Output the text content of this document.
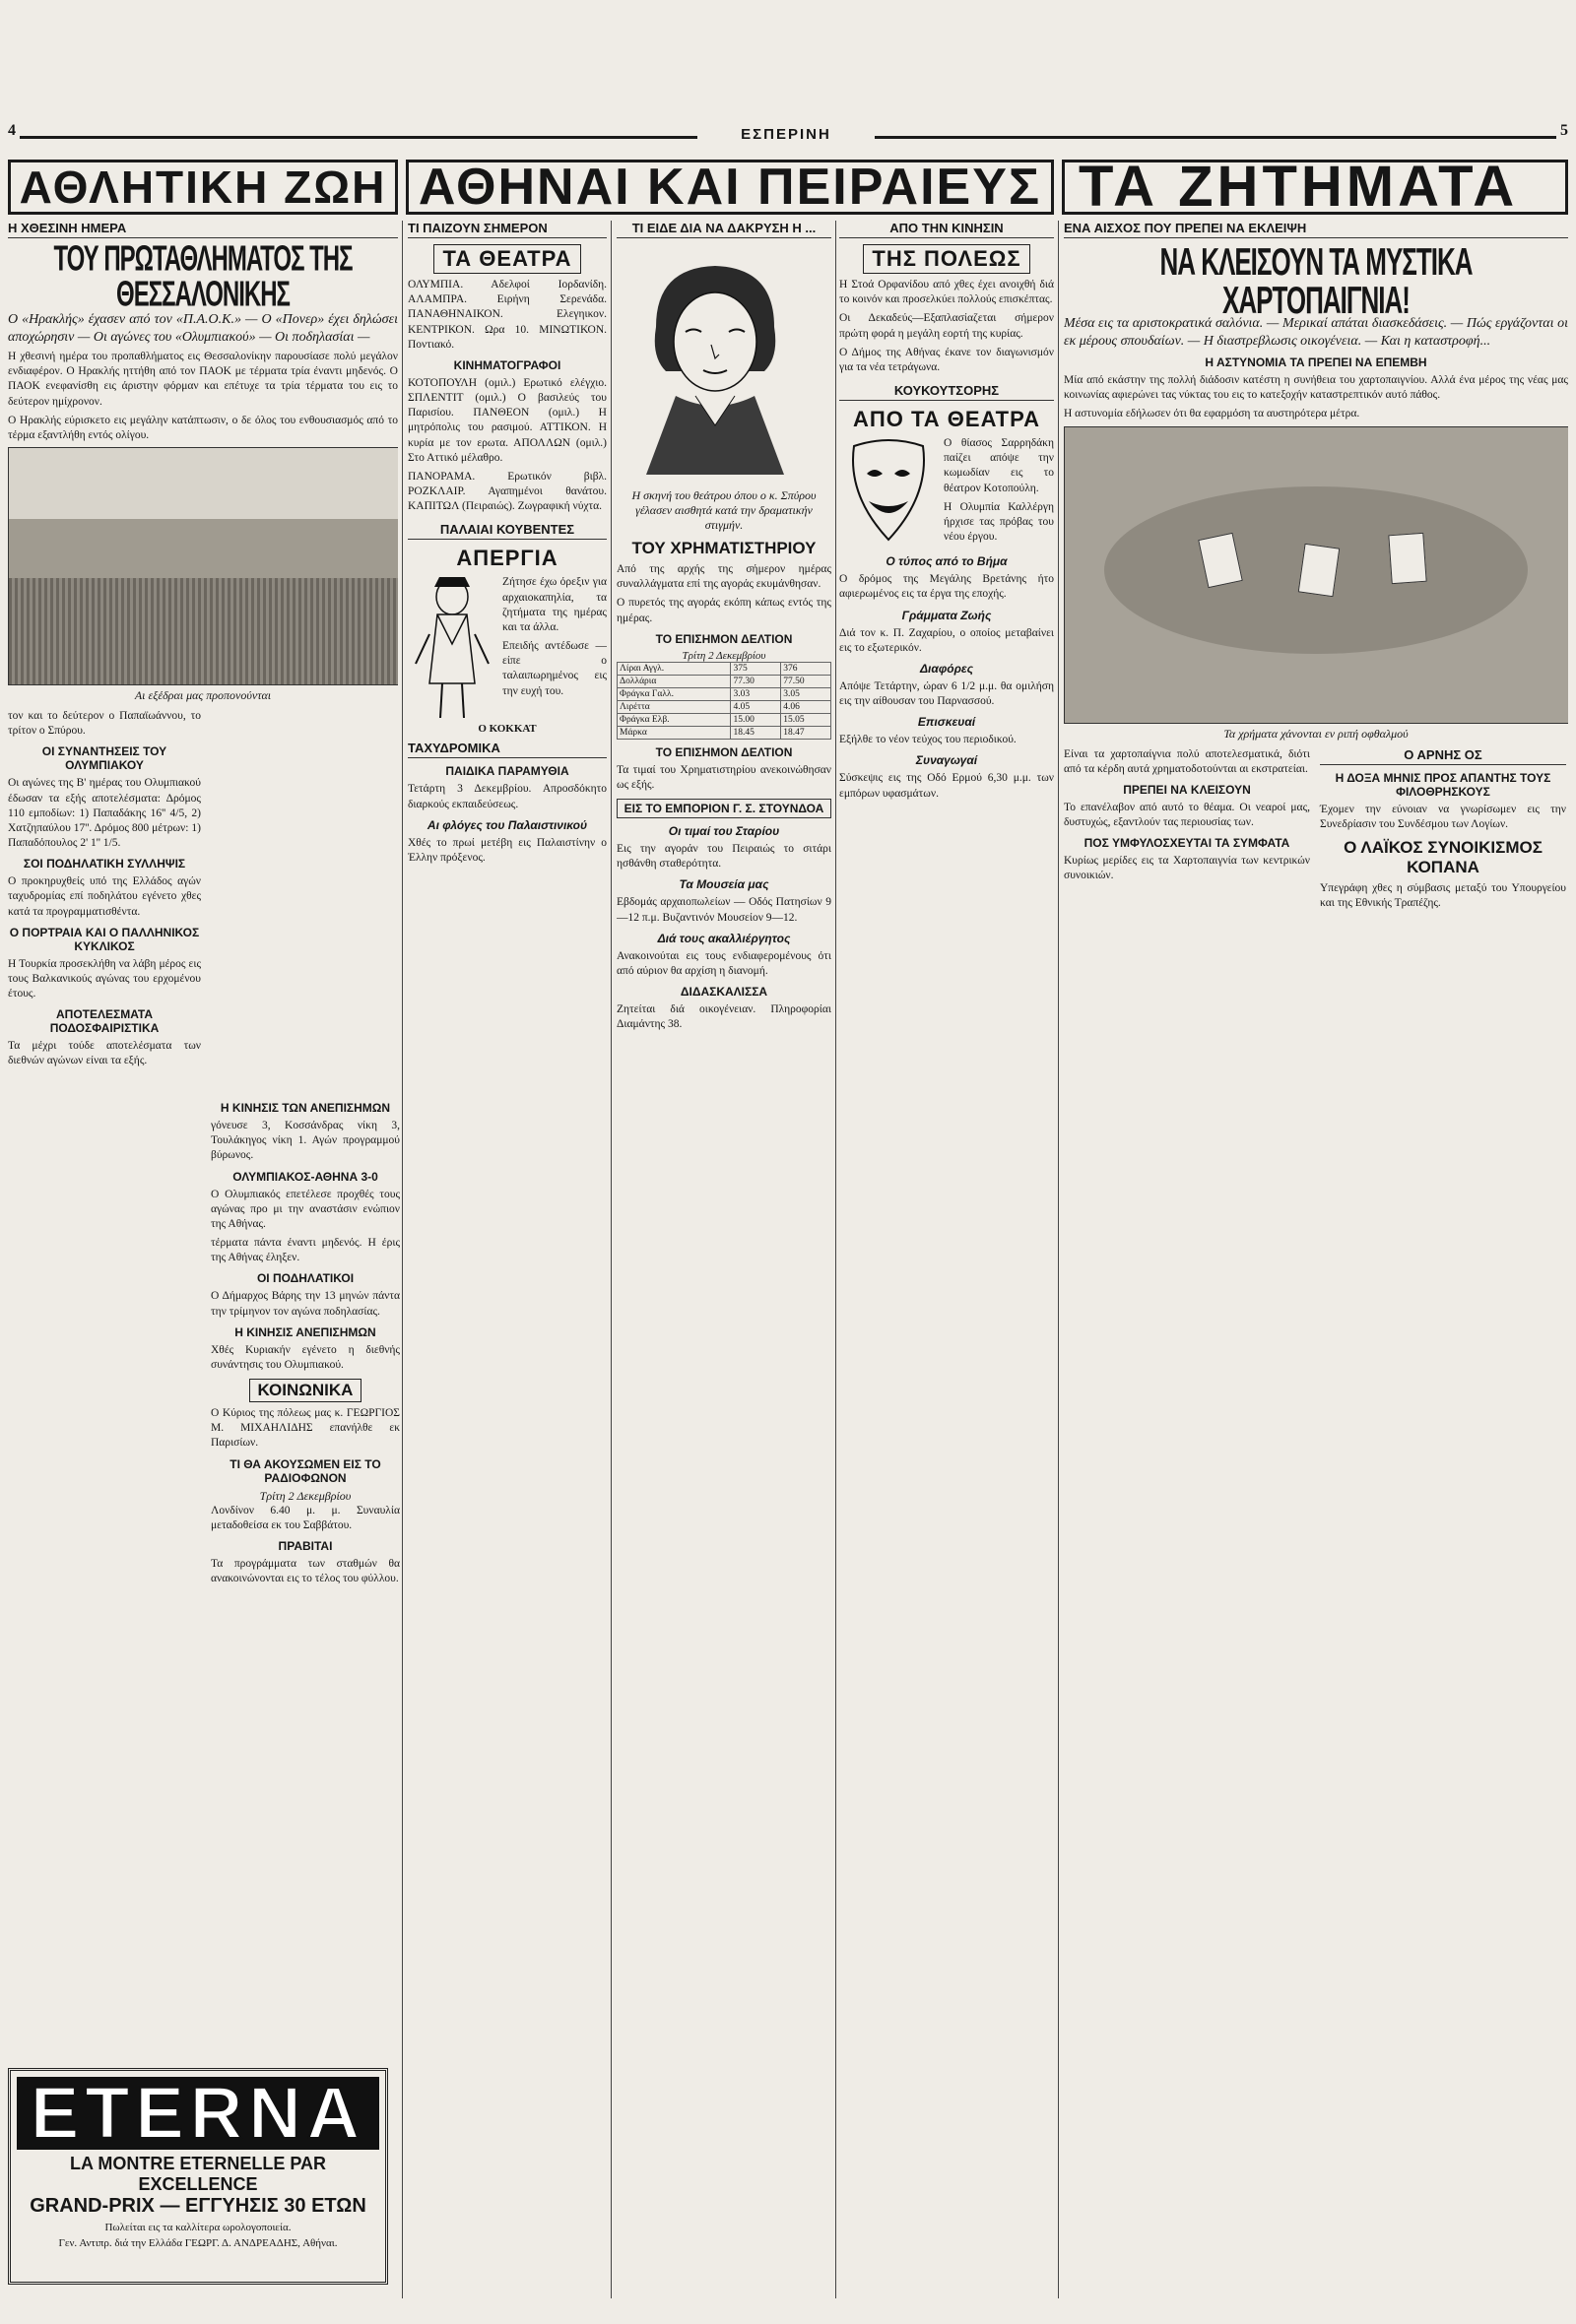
4	ΕΣΠΕΡΙΝΗ	5
ΑΘΛΗΤΙΚΗ ΖΩΗ ΑΘΗΝΑΙ ΚΑΙ ΠΕΙΡΑΙΕΥΣ ΤΑ ΖΗΤΗΜΑΤΑ
Η ΧΘΕΣΙΝΗ ΗΜΕΡΑ
ΤΟΥ ΠΡΩΤΑΘΛΗΜΑΤΟΣ ΤΗΣ ΘΕΣΣΑΛΟΝΙΚΗΣ

Ο «Ηρακλής» έχασεν από τον «Π.Α.Ο.Κ.» — Ο «Πονερ» έχει δηλώσει αποχώρησιν — Οι αγώνες του «Ολυμπιακού» — Οι ποδηλασίαι —

Η χθεσινή ημέρα του προπαθλήματος εις Θεσσαλονίκην παρουσίασε πολύ μεγάλον ενδιαφέρον. Ο Ηρακλής ηττήθη από τον ΠΑΟΚ με τέρματα τρία έναντι μηδενός. Ο ΠΑΟΚ ενεφανίσθη εις άριστην φόρμαν και επέτυχε τα τρία τέρματα του εις το δεύτερον ημίχρονον.

Ο Ηρακλής εύρισκετο εις μεγάλην κατάπτωσιν, ο δε όλος του ενθουσιασμός από το τέρμα εξαντλήθη εντός ολίγου.

Αι εξέδραι μας προπονούνται

τον και το δεύτερον ο Παπαϊωάννου, το τρίτον ο Σπύρου.

ΟΙ ΣΥΝΑΝΤΗΣΕΙΣ ΤΟΥ ΟΛΥΜΠΙΑΚΟΥ

Οι αγώνες της Β' ημέρας του Ολυμπιακού έδωσαν τα εξής αποτελέσματα: Δρόμος 110 εμποδίων: 1) Παπαδάκης 16'' 4/5, 2) Χατζηπαύλου 17''. Δρόμος 800 μέτρων: 1) Παπαδόπουλος 2' 1'' 1/5.

ΣΟΙ ΠΟΔΗΛΑΤΙΚΗ ΣΥΛΛΗΨΙΣ

Ο προκηρυχθείς υπό της Ελλάδος αγών ταχυδρομίας επί ποδηλάτου εγένετο χθες κατά τα προγραμματισθέντα.

Ο ΠΟΡΤΡΑΙΑ ΚΑΙ Ο ΠΑΛΛΗΝΙΚΟΣ ΚΥΚΛΙΚΟΣ

Η Τουρκία προσεκλήθη να λάβη μέρος εις τους Βαλκανικούς αγώνας του ερχομένου έτους.

ΑΠΟΤΕΛΕΣΜΑΤΑ ΠΟΔΟΣΦΑΙΡΙΣΤΙΚΑ

Τα μέχρι τούδε αποτελέσματα των διεθνών αγώνων είναι τα εξής.

Η ΚΙΝΗΣΙΣ ΤΩΝ ΑΝΕΠΙΣΗΜΩΝ

γόνευσε 3, Κοσσάνδρας νίκη 3, Τουλάκηγος νίκη 1. Αγών προγραμμού βύρωνος.

ΟΛΥΜΠΙΑΚΟΣ-ΑΘΗΝΑ 3-0

Ο Ολυμπιακός επετέλεσε προχθές τους αγώνας προ μι την αναστάσιν ενώπιον της Αθήνας.

τέρματα πάντα έναντι μηδενός. Η έρις της Αθήνας έληξεν.

ΟΙ ΠΟΔΗΛΑΤΙΚΟΙ

Ο Δήμαρχος Βάρης την 13 μηνών πάντα την τρίμηνον τον αγώνα ποδηλασίας.

Η ΚΙΝΗΣΙΣ ΑΝΕΠΙΣΗΜΩΝ

Χθές Κυριακήν εγένετο η διεθνής συνάντησις του Ολυμπιακού.

ΚΟΙΝΩΝΙΚΑ

Ο Κύριος της πόλεως μας κ. ΓΕΩΡΓΙΟΣ Μ. ΜΙΧΑΗΛΙΔΗΣ επανήλθε εκ Παρισίων.

ΤΙ ΘΑ ΑΚΟΥΣΩΜΕΝ ΕΙΣ ΤΟ ΡΑΔΙΟΦΩΝΟΝ
Τρίτη 2 Δεκεμβρίου

Λονδίνον 6.40 μ. μ. Συναυλία μεταδοθείσα εκ του Σαββάτου.

ΠΡΑΒΙΤΑΙ

Τα προγράμματα των σταθμών θα ανακοινώνονται εις το τέλος του φύλλου.

ETERNA
LA MONTRE ETERNELLE PAR EXCELLENCE
GRAND-PRIX — ΕΓΓΥΗΣΙΣ 30 ΕΤΩΝ
Πωλείται εις τα καλλίτερα ωρολογοποιεία.
Γεν. Αντιπρ. διά την Ελλάδα ΓΕΩΡΓ. Δ. ΑΝΔΡΕΑΔΗΣ, Αθήναι.
ΤΙ ΠΑΙΖΟΥΝ ΣΗΜΕΡΟΝ
ΤΑ ΘΕΑΤΡΑ

ΟΛΥΜΠΙΑ. Αδελφοί Ιορδανίδη. ΑΛΑΜΠΡΑ. Ειρήνη Σερενάδα. ΠΑΝΑΘΗΝΑΙΚΟΝ. Ελεγηικον. ΚΕΝΤΡΙΚΟΝ. Ωρα 10. ΜΙΝΩΤΙΚΟΝ. Ποντιακό.

ΚΙΝΗΜΑΤΟΓΡΑΦΟΙ

ΚΟΤΟΠΟΥΛΗ (ομιλ.) Ερωτικό ελέγχιο. ΣΠΛΕΝΤΙΤ (ομιλ.) Ο βασιλεύς του Παρισίου. ΠΑΝΘΕΟΝ (ομιλ.) Η μητρόπολις του ρασιμού. ΑΤΤΙΚΟΝ. Η κυρία με τον ερωτα. ΑΠΟΛΛΩΝ (ομιλ.) Στο Αττικό μέλαθρο.

ΠΑΝΟΡΑΜΑ. Ερωτικόν βιβλ. ΡΟΖΚΛΑΙΡ. Αγαπημένοι θανάτου. ΚΑΠΙΤΩΛ (Πειραιώς). Ζωγραφική νύχτα.

ΠΑΛΑΙΑΙ ΚΟΥΒΕΝΤΕΣ
ΑΠΕΡΓΙΑ

Ζήτησε έχω όρεξιν για αρχαιοκαπηλία, τα ζητήματα της ημέρας και τα άλλα.

Επειδής αντέδωσε — είπε ο ταλαιπωρημένος εις την ευχή του.

Ο ΚΟΚΚΑΤ
ΤΑΧΥΔΡΟΜΙΚΑ
ΠΑΙΔΙΚΑ ΠΑΡΑΜΥΘΙΑ

Τετάρτη 3 Δεκεμβρίου. Απροσδόκητο διαρκούς εκπαιδεύσεως.

Αι φλόγες του Παλαιστινικού

Χθές το πρωί μετέβη εις Παλαιστίνην ο Έλλην πρόξενος.

ΤΙ ΕΙΔΕ ΔΙΑ ΝΑ ΔΑΚΡΥΣΗ Η ...

Η σκηνή του θεάτρου όπου ο κ. Σπύρου γέλασεν αισθητά κατά την δραματικήν στιγμήν.

ΤΟΥ ΧΡΗΜΑΤΙΣΤΗΡΙΟΥ

Από της αρχής της σήμερον ημέρας συναλλάγματα επί της αγοράς εκυμάνθησαν.

Ο πυρετός της αγοράς εκόπη κάπως εντός της ημέρας.

ΤΟ ΕΠΙΣΗΜΟΝ ΔΕΛΤΙΟΝ
Τρίτη 2 Δεκεμβρίου
Λίραι Αγγλ.	375	376
Δολλάρια	77.30	77.50
Φράγκα Γαλλ.	3.03	3.05
Λιρέττα	4.05	4.06
Φράγκα Ελβ.	15.00	15.05
Μάρκα	18.45	18.47
ΤΟ ΕΠΙΣΗΜΟΝ ΔΕΛΤΙΟΝ

Τα τιμαί του Χρηματιστηρίου ανεκοινώθησαν ως εξής.

ΕΙΣ ΤΟ ΕΜΠΟΡΙΟΝ Γ. Σ. ΣΤΟΥΝΔΟΑ
Οι τιμαί του Σταρίου

Εις την αγοράν του Πειραιώς το σιτάρι ησθάνθη σταθερότητα.

Τα Μουσεία μας

Εβδομάς αρχαιοπωλείων — Οδός Πατησίων 9—12 π.μ. Βυζαντινόν Μουσείον 9—12.

Διά τους ακαλλιέργητος

Ανακοινούται εις τους ενδιαφερομένους ότι από αύριον θα αρχίση η διανομή.

ΔΙΔΑΣΚΑΛΙΣΣΑ

Ζητείται διά οικογένειαν. Πληροφορίαι Διαμάντης 38.

ΑΠΟ ΤΗΝ ΚΙΝΗΣΙΝ
ΤΗΣ ΠΟΛΕΩΣ

Η Στοά Ορφανίδου από χθες έχει ανοιχθή διά το κοινόν και προσελκύει πολλούς επισκέπτας.

Οι Δεκαδεύς—Εξαπλασίαζεται σήμερον πρώτη φορά η μεγάλη εορτή της κυρίας.

Ο Δήμος της Αθήνας έκανε τον διαγωνισμόν για τα νέα τετράγωνα.

ΚΟΥΚΟΥΤΣΟΡΗΣ
ΑΠΟ ΤΑ ΘΕΑΤΡΑ

Ο θίασος Σαρρηδάκη παίζει απόψε την κωμωδίαν εις το θέατρον Κοτοπούλη.

Η Ολυμπία Καλλέργη ήρχισε τας πρόβας του νέου έργου.

Ο τύπος από το Βήμα

Ο δρόμος της Μεγάλης Βρετάνης ήτο αφιερωμένος εις τα έργα της εποχής.

Γράμματα Ζωής

Διά τον κ. Π. Ζαχαρίου, ο οποίος μεταβαίνει εις το εξωτερικόν.

Διαφόρες

Απόψε Τετάρτην, ώραν 6 1/2 μ.μ. θα ομιλήση εις την αίθουσαν του Παρνασσού.

Επισκευαί

Εξήλθε το νέον τεύχος του περιοδικού.

Συναγωγαί

Σύσκεψις εις της Οδό Ερμού 6,30 μ.μ. των εμπόρων υφασμάτων.

ΕΝΑ ΑΙΣΧΟΣ ΠΟΥ ΠΡΕΠΕΙ ΝΑ ΕΚΛΕΙΨΗ
ΝΑ ΚΛΕΙΣΟΥΝ ΤΑ ΜΥΣΤΙΚΑ ΧΑΡΤΟΠΑΙΓΝΙΑ!

Μέσα εις τα αριστοκρατικά σαλόνια. — Μερικαί απάται διασκεδάσεις. — Πώς εργάζονται οι εκ μέρους σπουδαίων. — Η διαστρεβλωσις οικογένεια. — Και η καταστροφή...

Η ΑΣΤΥΝΟΜΙΑ ΤΑ ΠΡΕΠΕΙ ΝΑ ΕΠΕΜΒΗ

Μία από εκάστην της πολλή διάδοσιν κατέστη η συνήθεια του χαρτοπαιγνίου. Αλλά ένα μέρος της νέας μας κοινωνίας αφιερώνει τας νύκτας του εις το κατεξοχήν καταστρεπτικόν αυτό πάθος.

Η αστυνομία εδήλωσεν ότι θα εφαρμόση τα αυστηρότερα μέτρα.

Τα χρήματα χάνονται εν ριπή οφθαλμού

Είναι τα χαρτοπαίγνια πολύ αποτελεσματικά, διότι από τα κέρδη αυτά χρηματοδοτούνται αι εκστρατείαι.

ΠΡΕΠΕΙ ΝΑ ΚΛΕΙΣΟΥΝ

Το επανέλαβον από αυτό το θέαμα. Οι νεαροί μας, δυστυχώς, εξαντλούν τας περιουσίας των.

ΠΟΣ ΥΜΦΥΛΟΣΧΕΥΤΑΙ ΤΑ ΣΥΜΦΑΤΑ

Κυρίως μερίδες εις τα Χαρτοπαιγνία των κεντρικών συνοικιών.

Ο ΑΡΝΗΣ ΟΣ
Η ΔΟΞΑ ΜΗΝΙΣ ΠΡΟΣ ΑΠΑΝΤΗΣ ΤΟΥΣ ΦΙΛΟΘΡΗΣΚΟΥΣ

Έχομεν την εύνοιαν να γνωρίσωμεν εις την Συνεδρίασιν του Συνδέσμου των Λογίων.

Ο ΛΑΪΚΟΣ ΣΥΝΟΙΚΙΣΜΟΣ ΚΟΠΑΝΑ

Υπεγράφη χθες η σύμβασις μεταξύ του Υπουργείου και της Εθνικής Τραπέζης.
